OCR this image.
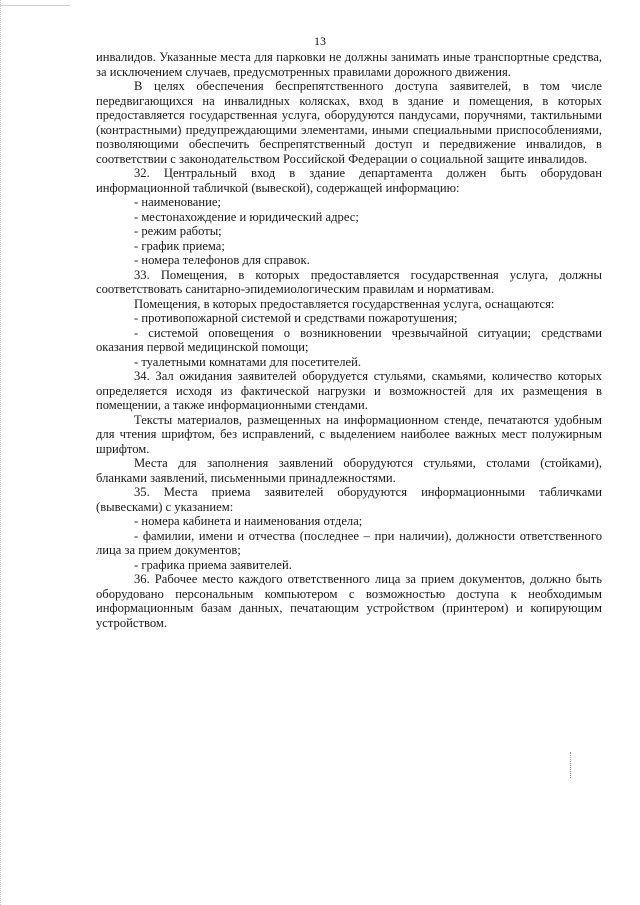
13

инвалидов. Указанные места для парковки не должны занимать иные транспортные средства, за исключением случаев, предусмотренных правилами дорожного движения.

В целях обеспечения беспрепятственного доступа заявителей, в том числе передвигающихся на инвалидных колясках, вход в здание и помещения, в которых предоставляется государственная услуга, оборудуются пандусами, поручнями, тактильными (контрастными) предупреждающими элементами, иными специальными приспособлениями, позволяющими обеспечить беспрепятственный доступ и передвижение инвалидов, в соответствии с законодательством Российской Федерации о социальной защите инвалидов.

32. Центральный вход в здание департамента должен быть оборудован информационной табличкой (вывеской), содержащей информацию:

- наименование;

- местонахождение и юридический адрес;

- режим работы;

- график приема;

- номера телефонов для справок.

33. Помещения, в которых предоставляется государственная услуга, должны соответствовать санитарно-эпидемиологическим правилам и нормативам.

Помещения, в которых предоставляется государственная услуга, оснащаются:

- противопожарной системой и средствами пожаротушения;

- системой оповещения о возникновении чрезвычайной ситуации; средствами оказания первой медицинской помощи;

- туалетными комнатами для посетителей.

34. Зал ожидания заявителей оборудуется стульями, скамьями, количество которых определяется исходя из фактической нагрузки и возможностей для их размещения в помещении, а также информационными стендами.

Тексты материалов, размещенных на информационном стенде, печатаются удобным для чтения шрифтом, без исправлений, с выделением наиболее важных мест полужирным шрифтом.

Места для заполнения заявлений оборудуются стульями, столами (стойками), бланками заявлений, письменными принадлежностями.

35. Места приема заявителей оборудуются информационными табличками (вывесками) с указанием:

- номера кабинета и наименования отдела;

- фамилии, имени и отчества (последнее – при наличии), должности ответственного лица за прием документов;

- графика приема заявителей.

36. Рабочее место каждого ответственного лица за прием документов, должно быть оборудовано персональным компьютером с возможностью доступа к необходимым информационным базам данных, печатающим устройством (принтером) и копирующим устройством.
